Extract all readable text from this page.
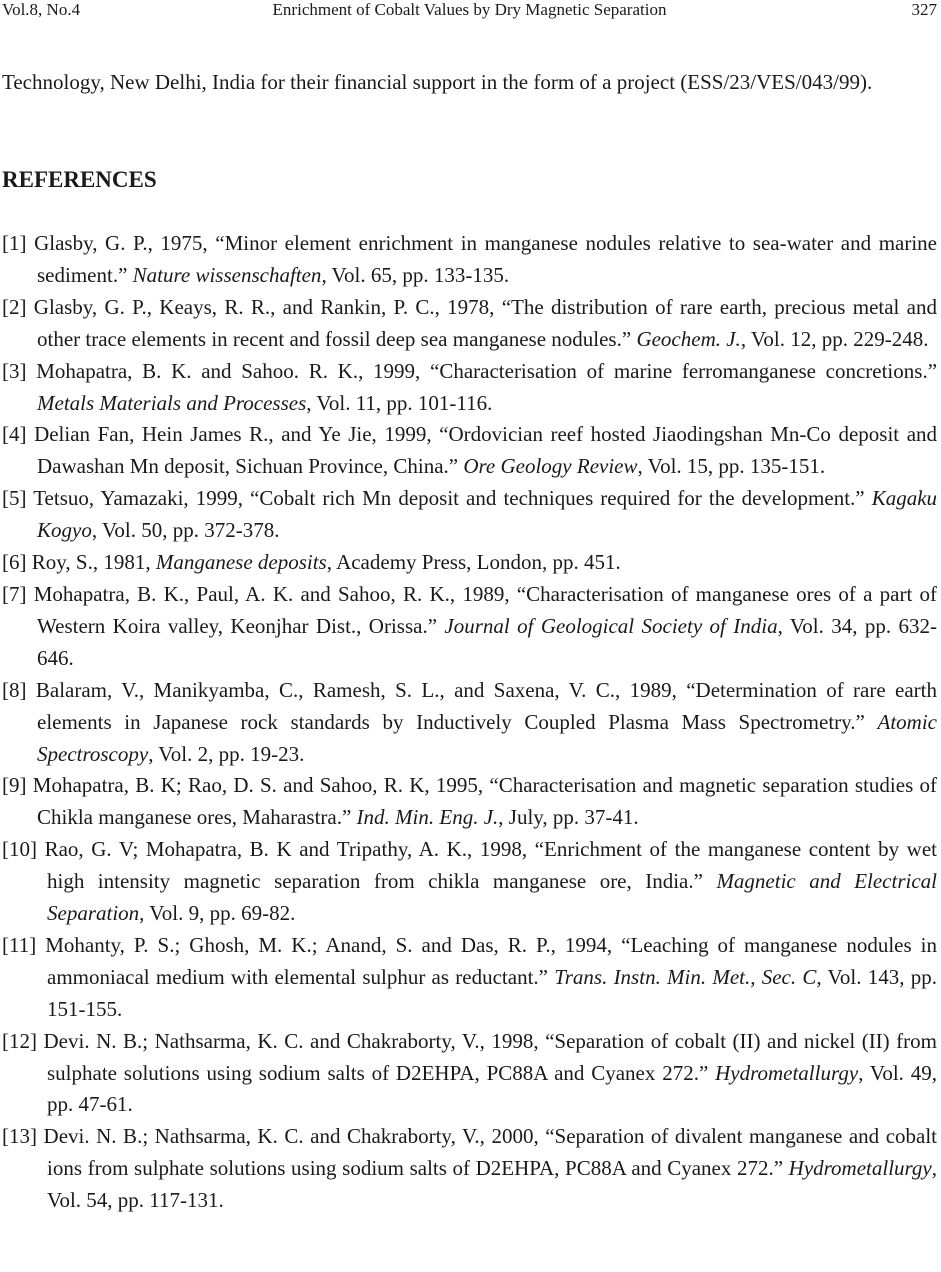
Vol.8, No.4	Enrichment of Cobalt Values by Dry Magnetic Separation	327
Technology, New Delhi, India for their financial support in the form of a project (ESS/23/VES/043/99).
REFERENCES
[1] Glasby, G. P., 1975, “Minor element enrichment in manganese nodules relative to sea-water and marine sediment.” Nature wissenschaften, Vol. 65, pp. 133-135.
[2] Glasby, G. P., Keays, R. R., and Rankin, P. C., 1978, “The distribution of rare earth, precious metal and other trace elements in recent and fossil deep sea manganese nodules.” Geochem. J., Vol. 12, pp. 229-248.
[3] Mohapatra, B. K. and Sahoo. R. K., 1999, “Characterisation of marine ferromanganese concretions.” Metals Materials and Processes, Vol. 11, pp. 101-116.
[4] Delian Fan, Hein James R., and Ye Jie, 1999, “Ordovician reef hosted Jiaodingshan Mn-Co deposit and Dawashan Mn deposit, Sichuan Province, China.” Ore Geology Review, Vol. 15, pp. 135-151.
[5] Tetsuo, Yamazaki, 1999, “Cobalt rich Mn deposit and techniques required for the development.” Kagaku Kogyo, Vol. 50, pp. 372-378.
[6] Roy, S., 1981, Manganese deposits, Academy Press, London, pp. 451.
[7] Mohapatra, B. K., Paul, A. K. and Sahoo, R. K., 1989, “Characterisation of manganese ores of a part of Western Koira valley, Keonjhar Dist., Orissa.” Journal of Geological Society of India, Vol. 34, pp. 632-646.
[8] Balaram, V., Manikyamba, C., Ramesh, S. L., and Saxena, V. C., 1989, “Determination of rare earth elements in Japanese rock standards by Inductively Coupled Plasma Mass Spectrometry.” Atomic Spectroscopy, Vol. 2, pp. 19-23.
[9] Mohapatra, B. K; Rao, D. S. and Sahoo, R. K, 1995, “Characterisation and magnetic separation studies of Chikla manganese ores, Maharastra.” Ind. Min. Eng. J., July, pp. 37-41.
[10] Rao, G. V; Mohapatra, B. K and Tripathy, A. K., 1998, “Enrichment of the manganese content by wet high intensity magnetic separation from chikla manganese ore, India.” Magnetic and Electrical Separation, Vol. 9, pp. 69-82.
[11] Mohanty, P. S.; Ghosh, M. K.; Anand, S. and Das, R. P., 1994, “Leaching of manganese nodules in ammoniacal medium with elemental sulphur as reductant.” Trans. Instn. Min. Met., Sec. C, Vol. 143, pp. 151-155.
[12] Devi. N. B.; Nathsarma, K. C. and Chakraborty, V., 1998, “Separation of cobalt (II) and nickel (II) from sulphate solutions using sodium salts of D2EHPA, PC88A and Cyanex 272.” Hydrometallurgy, Vol. 49, pp. 47-61.
[13] Devi. N. B.; Nathsarma, K. C. and Chakraborty, V., 2000, “Separation of divalent manganese and cobalt ions from sulphate solutions using sodium salts of D2EHPA, PC88A and Cyanex 272.” Hydrometallurgy, Vol. 54, pp. 117-131.
